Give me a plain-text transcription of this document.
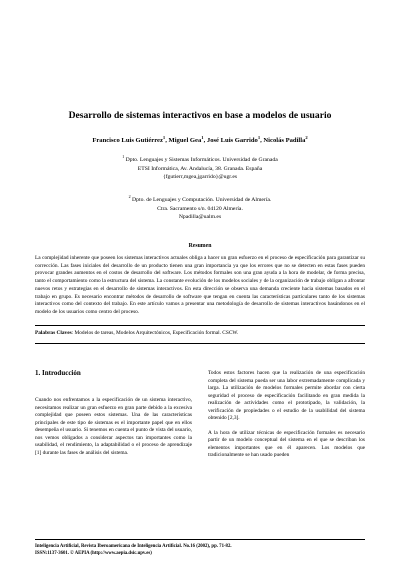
Desarrollo de sistemas interactivos en base a modelos de usuario
Francisco Luis Gutiérrez$^1$, Miguel Gea$^1$, José Luis Garrido$^1$, Nicolás Padilla$^2$
$^1$ Dpto. Lenguajes y Sistemas Informáticos. Universidad de Granada
ETSI Informática, Av. Andalucía, 38. Granada. España
{fgutierr,mgea,jgarrido}@ugr.es
$^2$ Dpto. de Lenguajes y Computación. Universidad de Almería.
Ctra. Sacramento s/n. 04120 Almería.
Npadilla@ualm.es
Resumen

La complejidad inherente que poseen los sistemas interactivos actuales obliga a hacer un gran esfuerzo en el proceso de especificación para garantizar su corrección. Las fases iniciales del desarrollo de un producto tienen una gran importancia ya que los errores que no se detecten en estas fases pueden provocar grandes aumentos en el costos de desarrollo del software. Los métodos formales son una gran ayuda a la hora de modelar, de forma precisa, tanto el comportamiento como la estructura del sistema. La constante evolución de los modelos sociales y de la organización de trabajo obligan a afrontar nuevos retos y estrategias en el desarrollo de sistemas interactivos. En esta dirección se observa una demanda creciente hacia sistemas basados en el trabajo en grupo. Es necesario encontrar métodos de desarrollo de software que tengan en cuenta las características particulares tanto de los sistemas interactivos como del contexto del trabajo. En este artículo vamos a presentar una metodología de desarrollo de sistemas interactivos basándonos en el modelo de los usuarios como centro del proceso.

Palabras Claves: Modelos de tareas, Modelos Arquitectónicos, Especificación formal. CSCW.

1. Introducción

Cuando nos enfrentamos a la especificación de un sistema interactivo, necesitamos realizar un gran esfuerzo en gran parte debido a la excesiva complejidad que poseen estos sistemas. Una de las características principales de este tipo de sistemas es el importante papel que en ellos desempeña el usuario. Si tenemos en cuenta el punto de vista del usuario, nos vemos obligados a considerar aspectos tan importantes como la usabilidad, el rendimiento, la adaptabilidad o el proceso de aprendizaje [1] durante las fases de análisis del sistema.

Todos estos factores hacen que la realización de una especificación completa del sistema pueda ser una labor extremadamente complicada y larga. La utilización de modelos formales permite abordar con cierta seguridad el proceso de especificación facilitando en gran medida la realización de actividades como el prototipado, la validación, la verificación de propiedades o el estudio de la usabilidad del sistema obtenido [2,3].

A la hora de utilizar técnicas de especificación formales es necesario partir de un modelo conceptual del sistema en el que se describan los elementos importantes que en él aparecen. Los modelos que tradicionalmente se han usado pueden

Inteligencia Artificial, Revista Iberoamericana de Inteligencia Artificial. No.16 (2002), pp. 71-82.
ISSN:1137-3601. © AEPIA (http://www.aepia.dsic.upv.es)
